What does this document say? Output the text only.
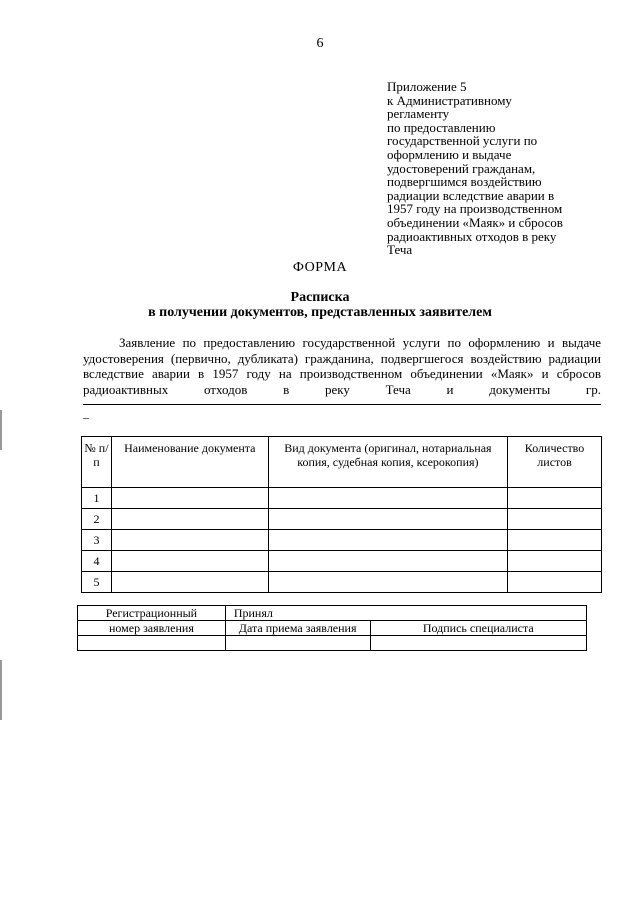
6
Приложение 5
к Административному
регламенту
по предоставлению
государственной услуги по
оформлению и выдаче
удостоверений гражданам,
подвергшимся воздействию
радиации вследствие аварии в
1957 году на производственном
объединении «Маяк» и сбросов
радиоактивных отходов в реку
Теча
ФОРМА
Расписка
в получении документов, представленных заявителем
Заявление по предоставлению государственной услуги по оформлению и выдаче
удостоверения (первично, дубликата) гражданина, подвергшегося воздействию радиации
вследствие аварии в 1957 году на производственном объединении «Маяк» и сбросов
радиоактивных отходов в реку Теча и документы гр.
–
№ п/п	Наименование документа	Вид документа (оригинал, нотариальная копия, судебная копия, ксерокопия)	Количество листов
1			
2			
3			
4			
5			
Регистрационный	Принял	
номер заявления	Дата приема заявления	Подпись специалиста
